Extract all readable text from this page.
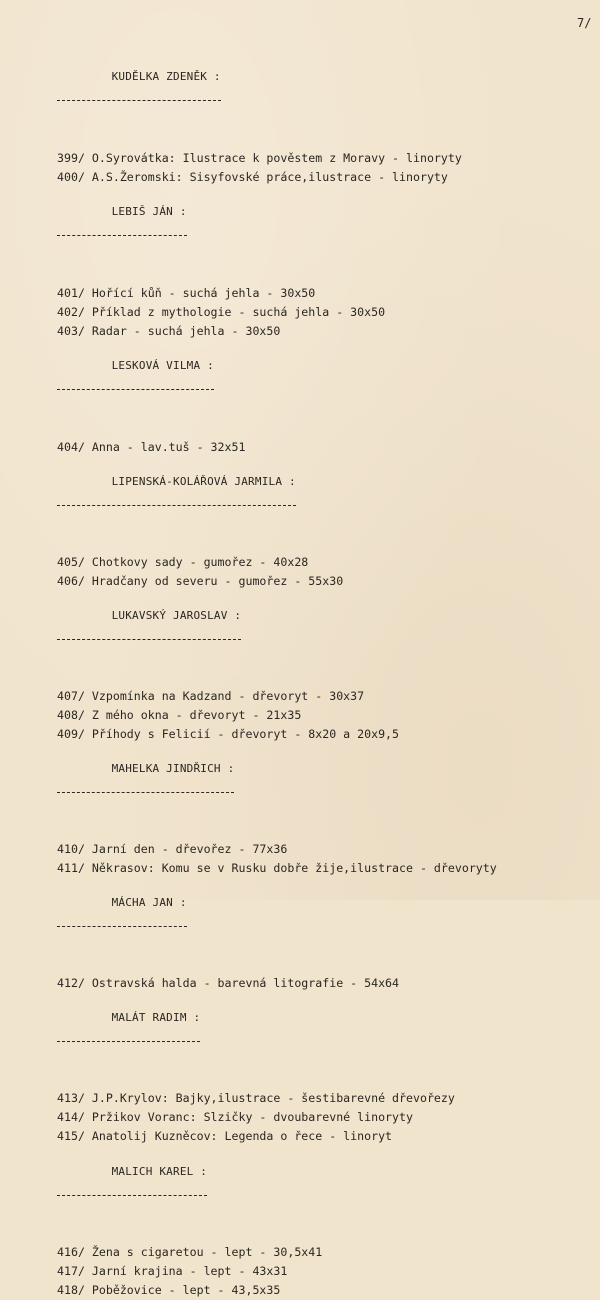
7/

KUDĚLKA ZDENĚK :

399/ O.Syrovátka: Ilustrace k pověstem z Moravy - linoryty
400/ A.S.Žeromski: Sisyfovské práce,ilustrace - linoryty

LEBIŠ JÁN :

401/ Hořící kůň - suchá jehla - 30x50
402/ Příklad z mythologie - suchá jehla - 30x50
403/ Radar - suchá jehla - 30x50

LESKOVÁ VILMA :

404/ Anna - lav.tuš - 32x51

LIPENSKÁ-KOLÁŘOVÁ JARMILA :

405/ Chotkovy sady - gumořez - 40x28
406/ Hradčany od severu - gumořez - 55x30

LUKAVSKÝ JAROSLAV :

407/ Vzpomínka na Kadzand - dřevoryt - 30x37
408/ Z mého okna - dřevoryt - 21x35
409/ Příhody s Felicií - dřevoryt - 8x20 a 20x9,5

MAHELKA JINDŘICH :

410/ Jarní den - dřevořez - 77x36
411/ Někrasov: Komu se v Rusku dobře žije,ilustrace - dřevoryty

MÁCHA JAN :

412/ Ostravská halda - barevná litografie - 54x64

MALÁT RADIM :

413/ J.P.Krylov: Bajky,ilustrace - šestibarevné dřevořezy
414/ Pržikov Voranc: Slzičky - dvoubarevné linoryty
415/ Anatolij Kuzněcov: Legenda o řece - linoryt

MALICH KAREL :

416/ Žena s cigaretou - lept - 30,5x41
417/ Jarní krajina - lept - 43x31
418/ Poběžovice - lept - 43,5x35
